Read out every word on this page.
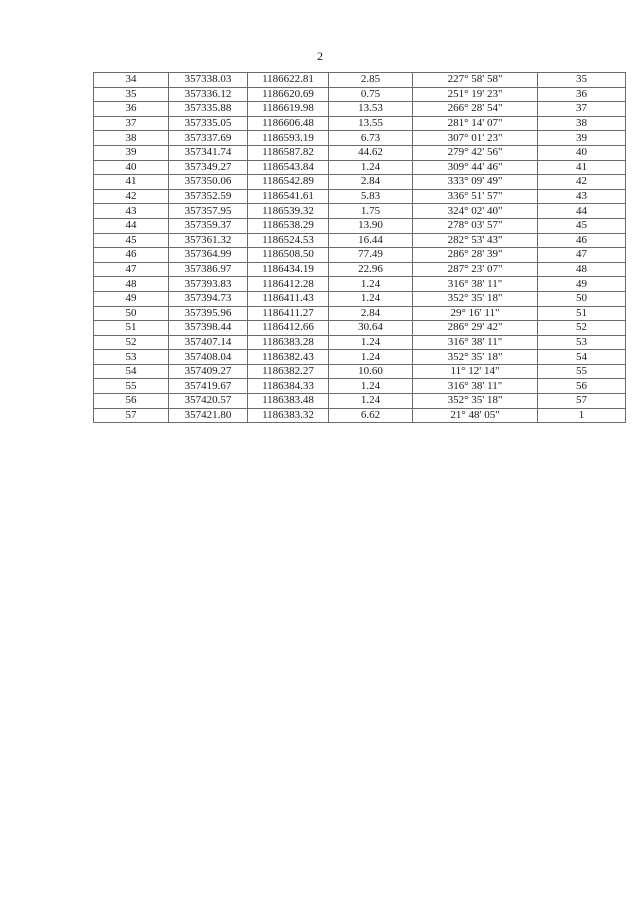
2
34	357338.03	1186622.81	2.85	227° 58' 58"	35
35	357336.12	1186620.69	0.75	251° 19' 23"	36
36	357335.88	1186619.98	13.53	266° 28' 54"	37
37	357335.05	1186606.48	13.55	281° 14' 07"	38
38	357337.69	1186593.19	6.73	307° 01' 23"	39
39	357341.74	1186587.82	44.62	279° 42' 56"	40
40	357349.27	1186543.84	1.24	309° 44' 46"	41
41	357350.06	1186542.89	2.84	333° 09' 49"	42
42	357352.59	1186541.61	5.83	336° 51' 57"	43
43	357357.95	1186539.32	1.75	324° 02' 40"	44
44	357359.37	1186538.29	13.90	278° 03' 57"	45
45	357361.32	1186524.53	16.44	282° 53' 43"	46
46	357364.99	1186508.50	77.49	286° 28' 39"	47
47	357386.97	1186434.19	22.96	287° 23' 07"	48
48	357393.83	1186412.28	1.24	316° 38' 11"	49
49	357394.73	1186411.43	1.24	352° 35' 18"	50
50	357395.96	1186411.27	2.84	29° 16' 11"	51
51	357398.44	1186412.66	30.64	286° 29' 42"	52
52	357407.14	1186383.28	1.24	316° 38' 11"	53
53	357408.04	1186382.43	1.24	352° 35' 18"	54
54	357409.27	1186382.27	10.60	11° 12' 14"	55
55	357419.67	1186384.33	1.24	316° 38' 11"	56
56	357420.57	1186383.48	1.24	352° 35' 18"	57
57	357421.80	1186383.32	6.62	21° 48' 05"	1
